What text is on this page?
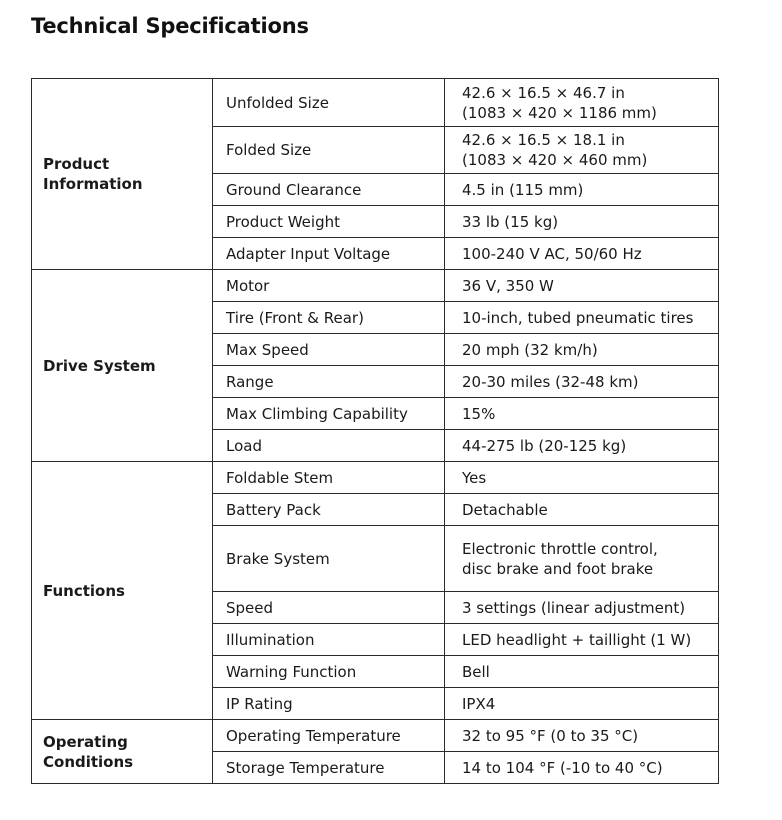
Technical Specifications
Product Information	Unfolded Size	42.6 × 16.5 × 46.7 in
(1083 × 420 × 1186 mm)

	Folded Size	42.6 × 16.5 × 18.1 in
(1083 × 420 × 460 mm)

	Ground Clearance	4.5 in (115 mm)

	Product Weight	33 lb (15 kg)

	Adapter Input Voltage	100-240 V AC, 50/60 Hz

Drive System	Motor	36 V, 350 W

	Tire (Front & Rear)	10-inch, tubed pneumatic tires

	Max Speed	20 mph (32 km/h)

	Range	20-30 miles (32-48 km)

	Max Climbing Capability	15%

	Load	44-275 lb (20-125 kg)

Functions	Foldable Stem	Yes

	Battery Pack	Detachable

	Brake System	Electronic throttle control,
disc brake and foot brake

	Speed	3 settings (linear adjustment)

	Illumination	LED headlight + taillight (1 W)

	Warning Function	Bell

	IP Rating	IPX4

Operating Conditions	Operating Temperature	32 to 95 °F (0 to 35 °C)

	Storage Temperature	14 to 104 °F (-10 to 40 °C)
